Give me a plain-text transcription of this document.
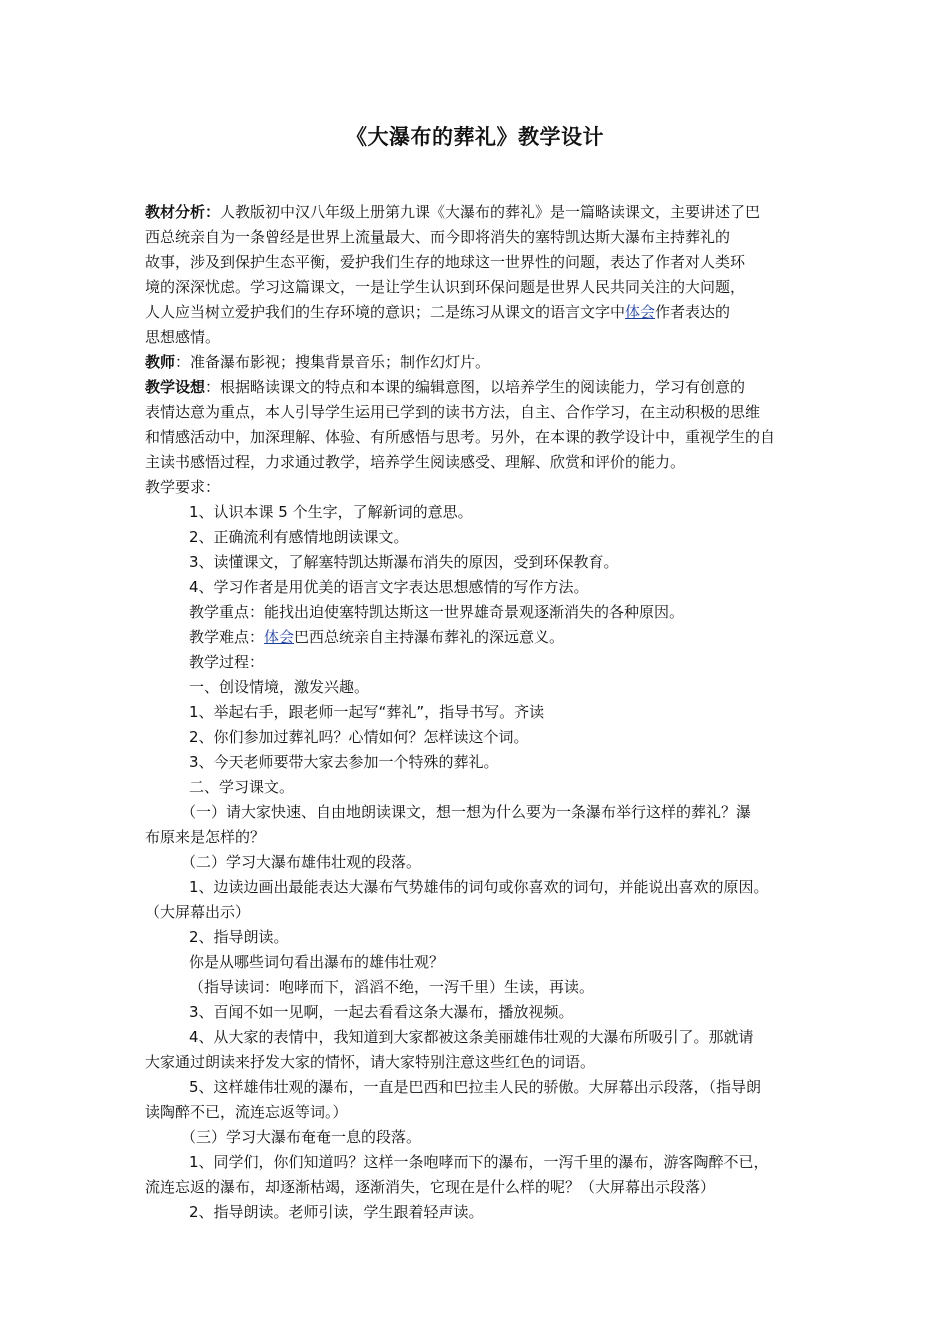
《大瀑布的葬礼》教学设计
教材分析：人教版初中汉八年级上册第九课《大瀑布的葬礼》是一篇略读课文，主要讲述了巴
西总统亲自为一条曾经是世界上流量最大、而今即将消失的塞特凯达斯大瀑布主持葬礼的
故事，涉及到保护生态平衡，爱护我们生存的地球这一世界性的问题，表达了作者对人类环
境的深深忧虑。学习这篇课文，一是让学生认识到环保问题是世界人民共同关注的大问题，
人人应当树立爱护我们的生存环境的意识；二是练习从课文的语言文字中体会作者表达的
思想感情。
教师：准备瀑布影视；搜集背景音乐；制作幻灯片。
教学设想：根据略读课文的特点和本课的编辑意图，以培养学生的阅读能力，学习有创意的
表情达意为重点，本人引导学生运用已学到的读书方法，自主、合作学习，在主动积极的思维
和情感活动中，加深理解、体验、有所感悟与思考。另外，在本课的教学设计中，重视学生的自
主读书感悟过程，力求通过教学，培养学生阅读感受、理解、欣赏和评价的能力。
教学要求：
1、认识本课 5 个生字，了解新词的意思。
2、正确流利有感情地朗读课文。
3、读懂课文，了解塞特凯达斯瀑布消失的原因，受到环保教育。
4、学习作者是用优美的语言文字表达思想感情的写作方法。
教学重点：能找出迫使塞特凯达斯这一世界雄奇景观逐渐消失的各种原因。
教学难点：体会巴西总统亲自主持瀑布葬礼的深远意义。
教学过程：
一、创设情境，激发兴趣。
1、举起右手，跟老师一起写“葬礼”，指导书写。齐读
2、你们参加过葬礼吗？心情如何？怎样读这个词。
3、今天老师要带大家去参加一个特殊的葬礼。
二、学习课文。
（一）请大家快速、自由地朗读课文，想一想为什么要为一条瀑布举行这样的葬礼？瀑
布原来是怎样的？
（二）学习大瀑布雄伟壮观的段落。
1、边读边画出最能表达大瀑布气势雄伟的词句或你喜欢的词句，并能说出喜欢的原因。
（大屏幕出示）
2、指导朗读。
你是从哪些词句看出瀑布的雄伟壮观？
（指导读词：咆哮而下，滔滔不绝，一泻千里）生读，再读。
3、百闻不如一见啊，一起去看看这条大瀑布，播放视频。
4、从大家的表情中，我知道到大家都被这条美丽雄伟壮观的大瀑布所吸引了。那就请
大家通过朗读来抒发大家的情怀，请大家特别注意这些红色的词语。
5、这样雄伟壮观的瀑布，一直是巴西和巴拉圭人民的骄傲。大屏幕出示段落，（指导朗
读陶醉不已，流连忘返等词。）
（三）学习大瀑布奄奄一息的段落。
1、同学们，你们知道吗？这样一条咆哮而下的瀑布，一泻千里的瀑布，游客陶醉不已，
流连忘返的瀑布，却逐渐枯竭，逐渐消失，它现在是什么样的呢？（大屏幕出示段落）
2、指导朗读。老师引读，学生跟着轻声读。
